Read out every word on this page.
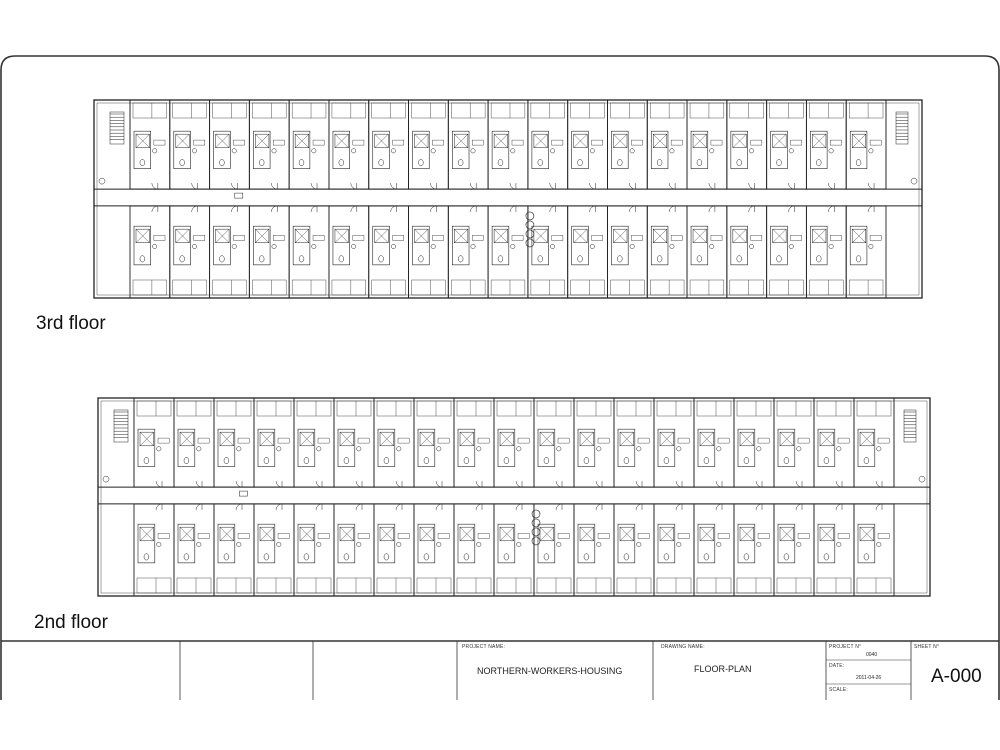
3rd floor
2nd floor
PROJECT NAME:
NORTHERN-WORKERS-HOUSING
DRAWING NAME:
FLOOR-PLAN
PROJECT N°
0040
DATE:
2011-04-26
SCALE:
SHEET N°
A-000
